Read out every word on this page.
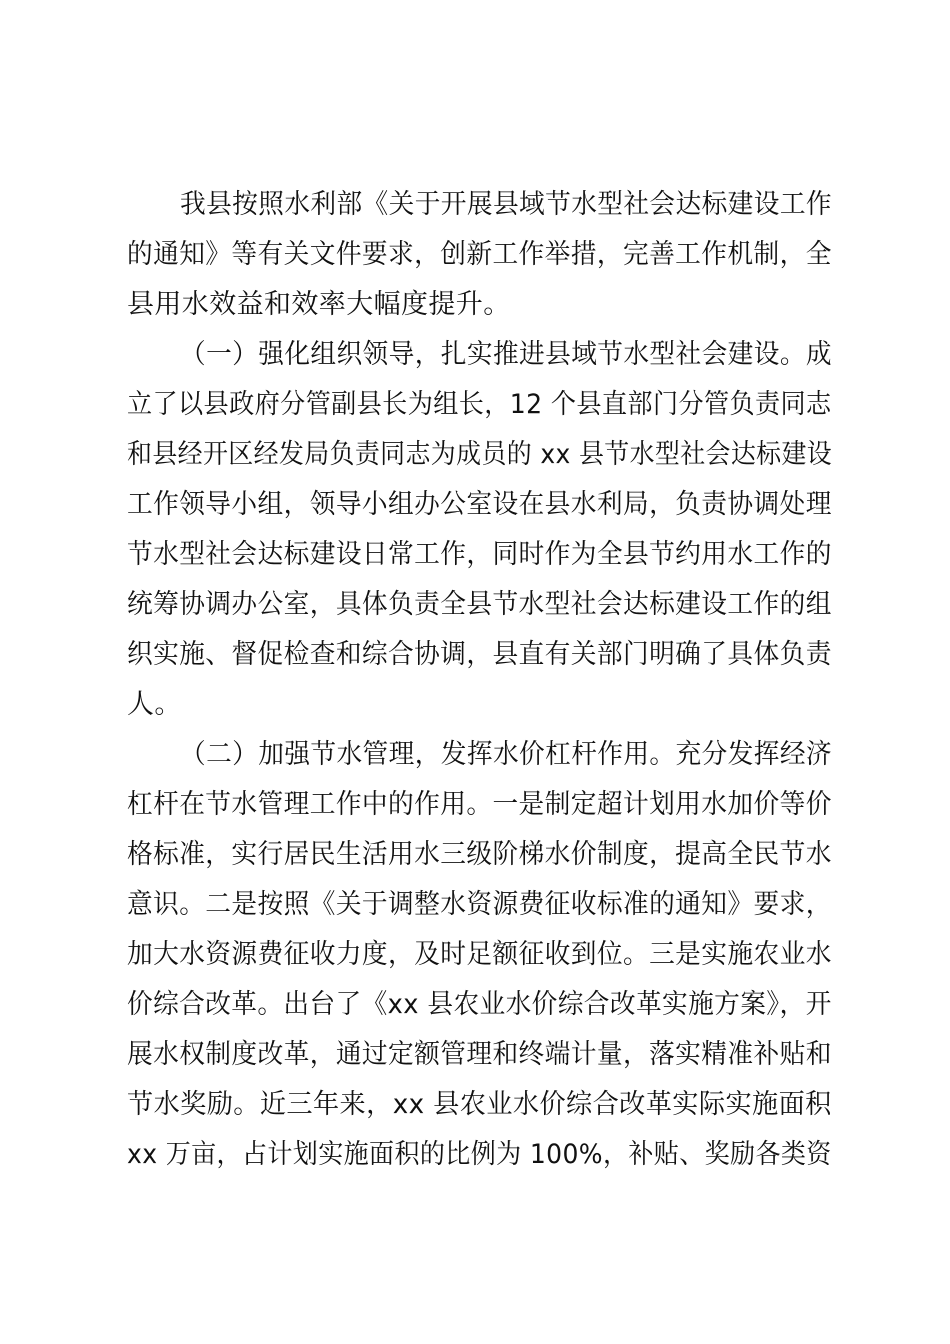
我县按照水利部《关于开展县域节水型社会达标建设工作
的通知》等有关文件要求，创新工作举措，完善工作机制，全
县用水效益和效率大幅度提升。
（一）强化组织领导，扎实推进县域节水型社会建设。成
立了以县政府分管副县长为组长，12 个县直部门分管负责同志
和县经开区经发局负责同志为成员的 xx 县节水型社会达标建设
工作领导小组，领导小组办公室设在县水利局，负责协调处理
节水型社会达标建设日常工作，同时作为全县节约用水工作的
统筹协调办公室，具体负责全县节水型社会达标建设工作的组
织实施、督促检查和综合协调，县直有关部门明确了具体负责
人。
（二）加强节水管理，发挥水价杠杆作用。充分发挥经济
杠杆在节水管理工作中的作用。一是制定超计划用水加价等价
格标准，实行居民生活用水三级阶梯水价制度，提高全民节水
意识。二是按照《关于调整水资源费征收标准的通知》要求，
加大水资源费征收力度，及时足额征收到位。三是实施农业水
价综合改革。出台了《xx 县农业水价综合改革实施方案》，开
展水权制度改革，通过定额管理和终端计量，落实精准补贴和
节水奖励。近三年来，xx 县农业水价综合改革实际实施面积
xx 万亩，占计划实施面积的比例为 100%，补贴、奖励各类资
